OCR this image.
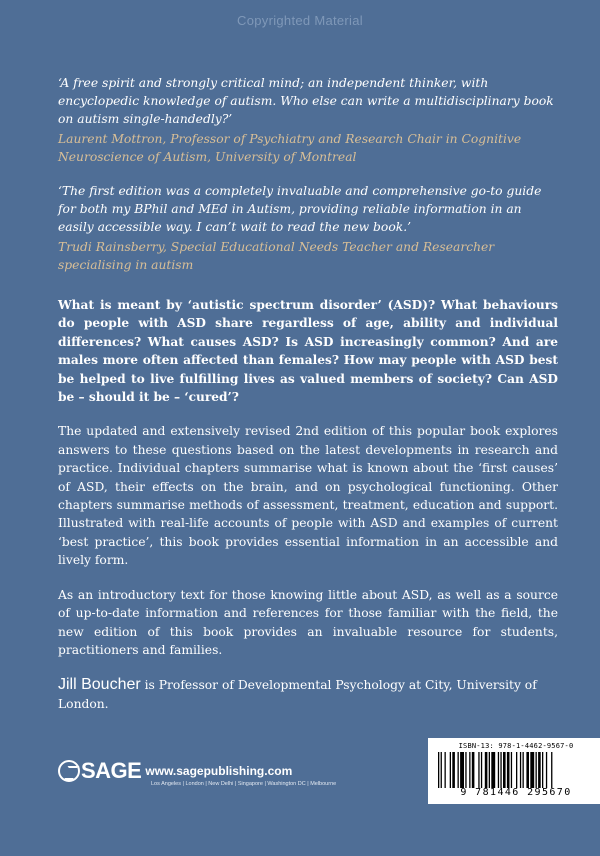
Copyrighted Material
‘A free spirit and strongly critical mind; an independent thinker, with encyclopedic knowledge of autism. Who else can write a multidisciplinary book on autism single-handedly?’
Laurent Mottron, Professor of Psychiatry and Research Chair in Cognitive Neuroscience of Autism, University of Montreal
‘The first edition was a completely invaluable and comprehensive go-to guide for both my BPhil and MEd in Autism, providing reliable information in an easily accessible way. I can’t wait to read the new book.’
Trudi Rainsberry, Special Educational Needs Teacher and Researcher specialising in autism

What is meant by ‘autistic spectrum disorder’ (ASD)? What behaviours do people with ASD share regardless of age, ability and individual differences? What causes ASD? Is ASD increasingly common? And are males more often affected than females? How may people with ASD best be helped to live fulfilling lives as valued members of society? Can ASD be – should it be – ‘cured’?

The updated and extensively revised 2nd edition of this popular book explores answers to these questions based on the latest developments in research and practice. Individual chapters summarise what is known about the ‘first causes’ of ASD, their effects on the brain, and on psychological functioning. Other chapters summarise methods of assessment, treatment, education and support. Illustrated with real-life accounts of people with ASD and examples of current ‘best practice’, this book provides essential information in an accessible and lively form.

As an introductory text for those knowing little about ASD, as well as a source of up-to-date information and references for those familiar with the field, the new edition of this book provides an invaluable resource for students, practitioners and families.

Jill Boucher is Professor of Developmental Psychology at City, University of London.

SAGE www.sagepublishing.com
Los Angeles | London | New Delhi | Singapore | Washington DC | Melbourne
ISBN-13: 978-1-4462-9567-0
9 781446 295670
